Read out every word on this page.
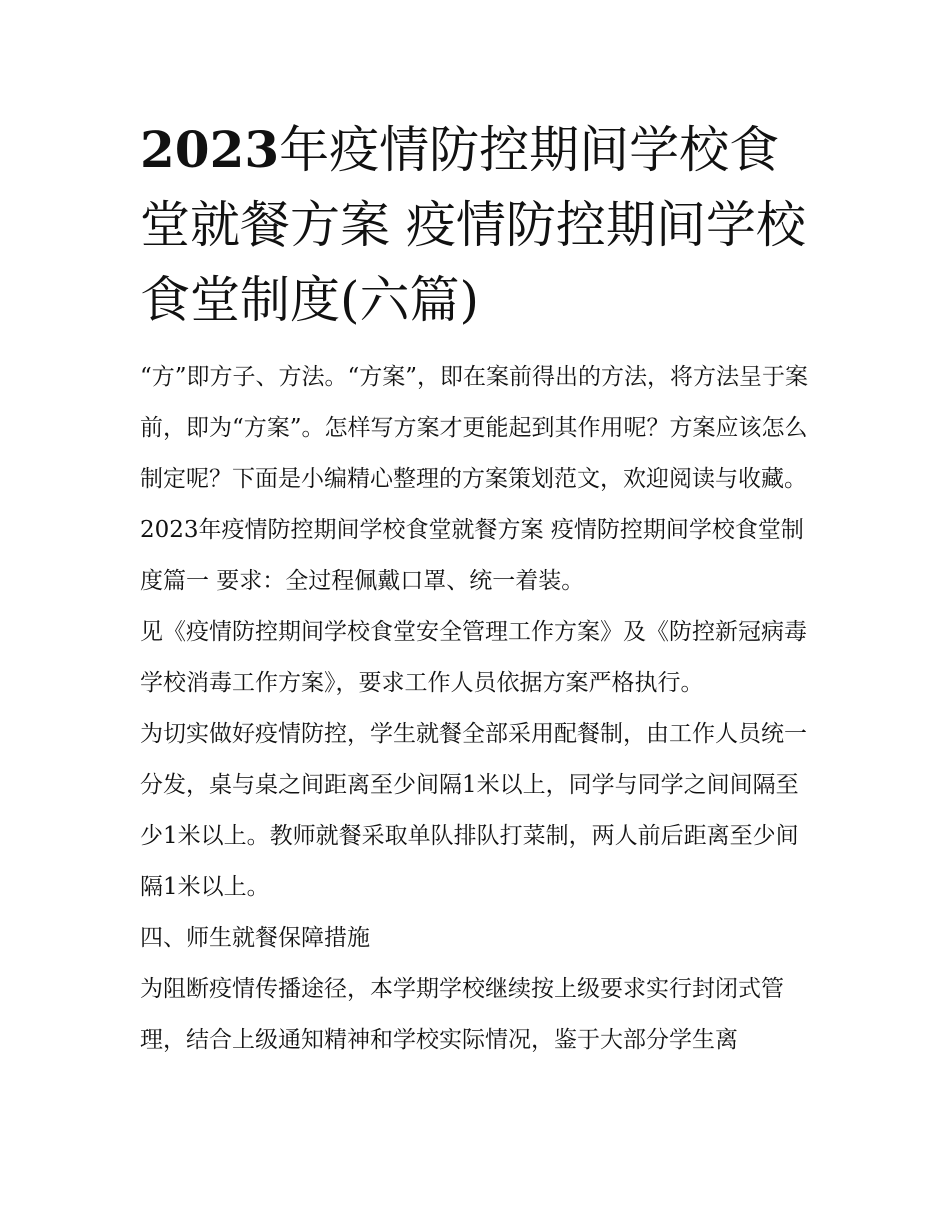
2023年疫情防控期间学校食堂就餐方案 疫情防控期间学校食堂制度(六篇)

“方”即方子、方法。“方案”，即在案前得出的方法，将方法呈于案前，即为“方案”。怎样写方案才更能起到其作用呢？方案应该怎么制定呢？下面是小编精心整理的方案策划范文，欢迎阅读与收藏。

2023年疫情防控期间学校食堂就餐方案 疫情防控期间学校食堂制度篇一 要求：全过程佩戴口罩、统一着装。

见《疫情防控期间学校食堂安全管理工作方案》及《防控新冠病毒学校消毒工作方案》，要求工作人员依据方案严格执行。

为切实做好疫情防控，学生就餐全部采用配餐制，由工作人员统一分发，桌与桌之间距离至少间隔1米以上，同学与同学之间间隔至少1米以上。教师就餐采取单队排队打菜制，两人前后距离至少间隔1米以上。

四、师生就餐保障措施

为阻断疫情传播途径，本学期学校继续按上级要求实行封闭式管理，结合上级通知精神和学校实际情况，鉴于大部分学生离
